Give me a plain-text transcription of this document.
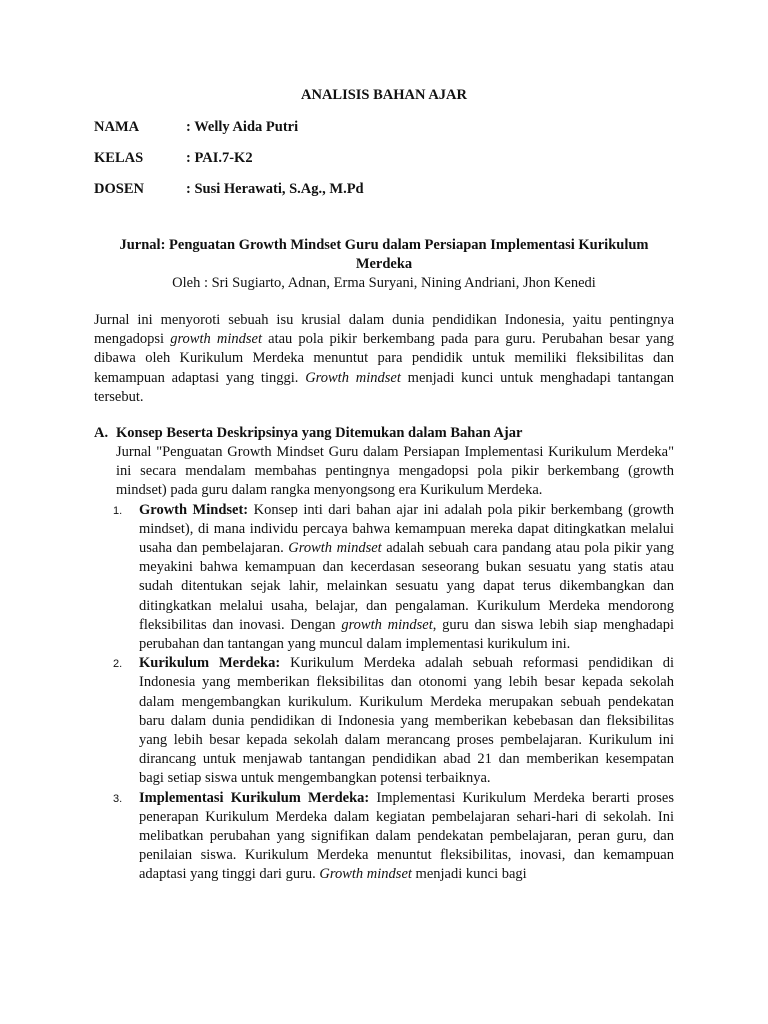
ANALISIS BAHAN AJAR
NAMA	: Welly Aida Putri
KELAS	: PAI.7-K2
DOSEN	: Susi Herawati, S.Ag., M.Pd
Jurnal: Penguatan Growth Mindset Guru dalam Persiapan Implementasi Kurikulum Merdeka
Oleh : Sri Sugiarto, Adnan, Erma Suryani, Nining Andriani, Jhon Kenedi

Jurnal ini menyoroti sebuah isu krusial dalam dunia pendidikan Indonesia, yaitu pentingnya mengadopsi growth mindset atau pola pikir berkembang pada para guru. Perubahan besar yang dibawa oleh Kurikulum Merdeka menuntut para pendidik untuk memiliki fleksibilitas dan kemampuan adaptasi yang tinggi. Growth mindset menjadi kunci untuk menghadapi tantangan tersebut.

A. Konsep Beserta Deskripsinya yang Ditemukan dalam Bahan Ajar

Jurnal "Penguatan Growth Mindset Guru dalam Persiapan Implementasi Kurikulum Merdeka" ini secara mendalam membahas pentingnya mengadopsi pola pikir berkembang (growth mindset) pada guru dalam rangka menyongsong era Kurikulum Merdeka.

1. Growth Mindset: Konsep inti dari bahan ajar ini adalah pola pikir berkembang (growth mindset), di mana individu percaya bahwa kemampuan mereka dapat ditingkatkan melalui usaha dan pembelajaran. Growth mindset adalah sebuah cara pandang atau pola pikir yang meyakini bahwa kemampuan dan kecerdasan seseorang bukan sesuatu yang statis atau sudah ditentukan sejak lahir, melainkan sesuatu yang dapat terus dikembangkan dan ditingkatkan melalui usaha, belajar, dan pengalaman. Kurikulum Merdeka mendorong fleksibilitas dan inovasi. Dengan growth mindset, guru dan siswa lebih siap menghadapi perubahan dan tantangan yang muncul dalam implementasi kurikulum ini.
2. Kurikulum Merdeka: Kurikulum Merdeka adalah sebuah reformasi pendidikan di Indonesia yang memberikan fleksibilitas dan otonomi yang lebih besar kepada sekolah dalam mengembangkan kurikulum. Kurikulum Merdeka merupakan sebuah pendekatan baru dalam dunia pendidikan di Indonesia yang memberikan kebebasan dan fleksibilitas yang lebih besar kepada sekolah dalam merancang proses pembelajaran. Kurikulum ini dirancang untuk menjawab tantangan pendidikan abad 21 dan memberikan kesempatan bagi setiap siswa untuk mengembangkan potensi terbaiknya.
3. Implementasi Kurikulum Merdeka: Implementasi Kurikulum Merdeka berarti proses penerapan Kurikulum Merdeka dalam kegiatan pembelajaran sehari-hari di sekolah. Ini melibatkan perubahan yang signifikan dalam pendekatan pembelajaran, peran guru, dan penilaian siswa. Kurikulum Merdeka menuntut fleksibilitas, inovasi, dan kemampuan adaptasi yang tinggi dari guru. Growth mindset menjadi kunci bagi
